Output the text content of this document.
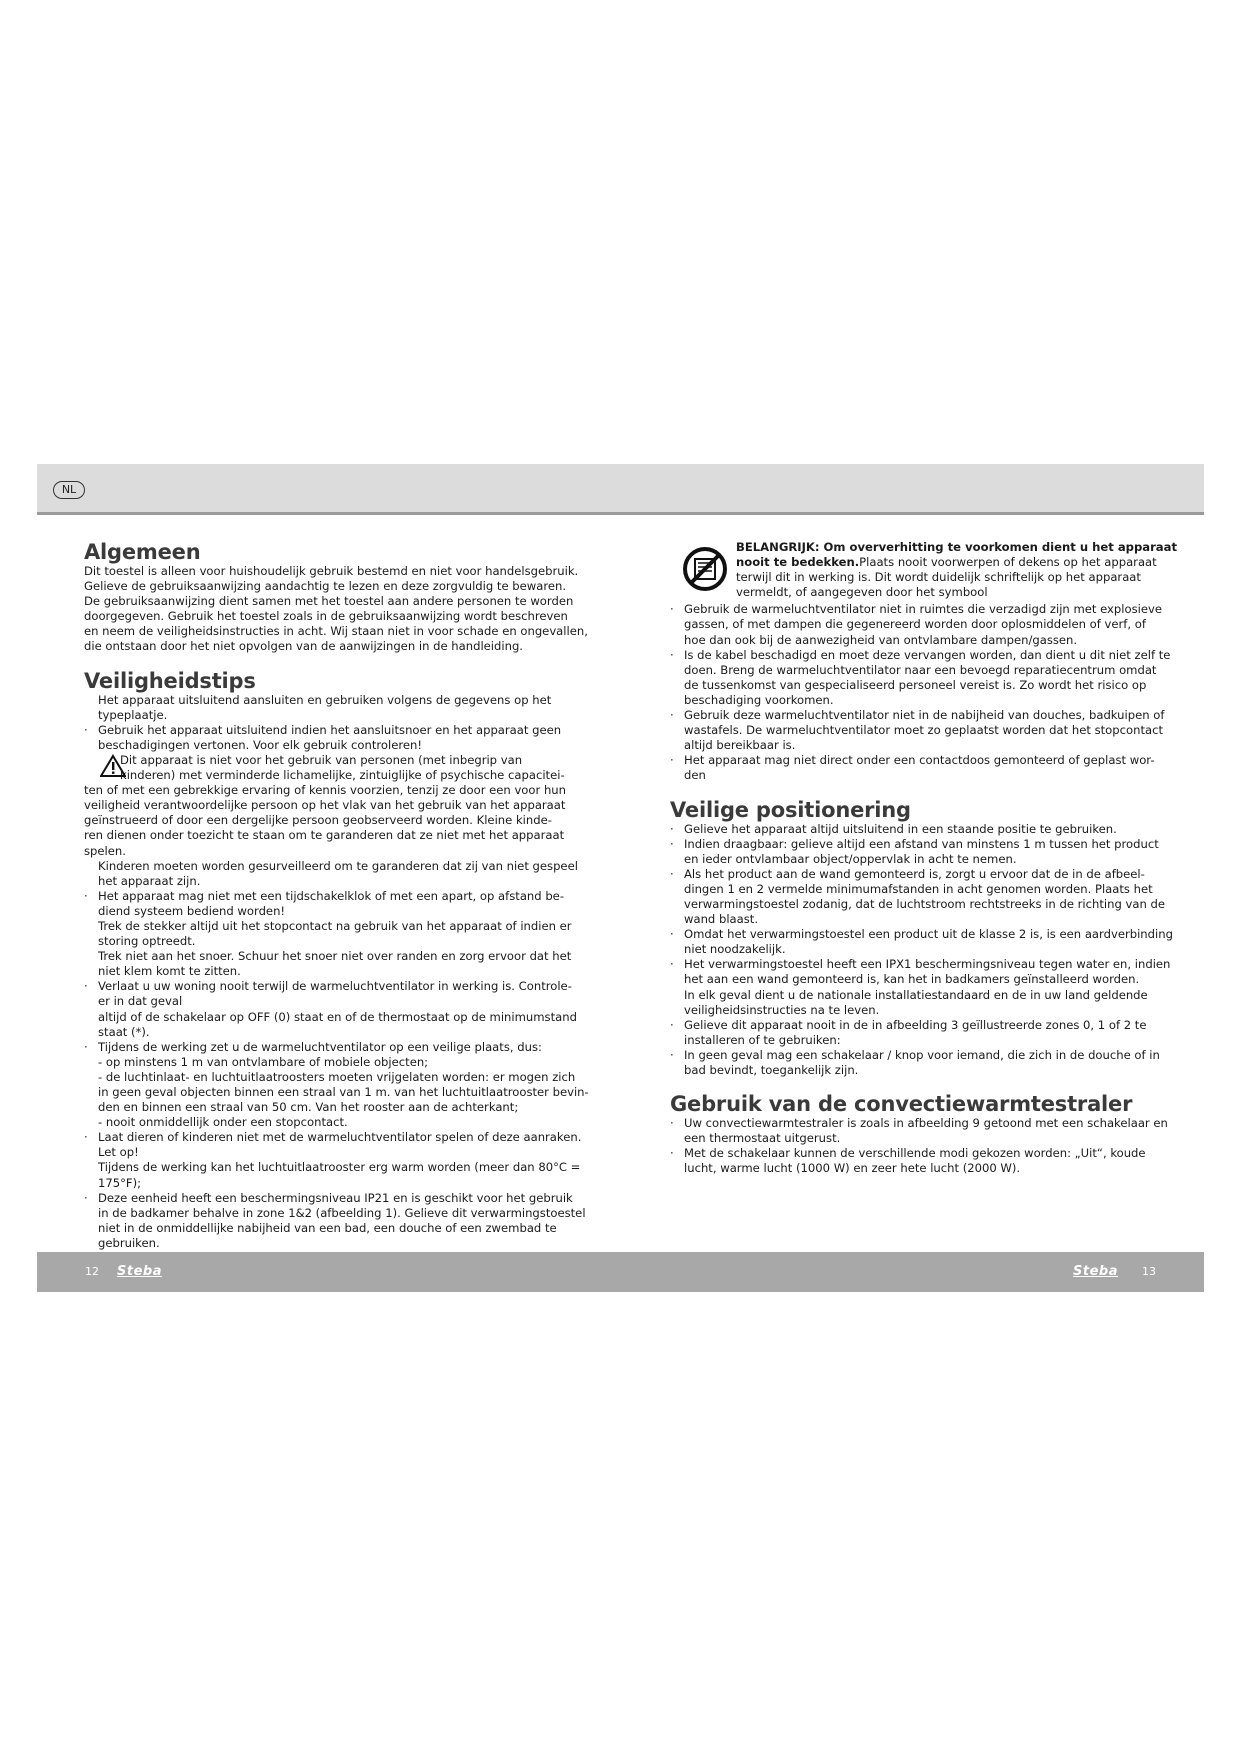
NL
Algemeen
Dit toestel is alleen voor huishoudelijk gebruik bestemd en niet voor handelsgebruik.
Gelieve de gebruiksaanwijzing aandachtig te lezen en deze zorgvuldig te bewaren.
De gebruiksaanwijzing dient samen met het toestel aan andere personen te worden
doorgegeven. Gebruik het toestel zoals in de gebruiksaanwijzing wordt beschreven
en neem de veiligheidsinstructies in acht. Wij staan niet in voor schade en ongevallen,
die ontstaan door het niet opvolgen van de aanwijzingen in de handleiding.
Veiligheidstips
Het apparaat uitsluitend aansluiten en gebruiken volgens de gegevens op het
typeplaatje.
· Gebruik het apparaat uitsluitend indien het aansluitsnoer en het apparaat geen
beschadigingen vertonen. Voor elk gebruik controleren!
Dit apparaat is niet voor het gebruik van personen (met inbegrip van
kinderen) met verminderde lichamelijke, zintuiglijke of psychische capacitei-
ten of met een gebrekkige ervaring of kennis voorzien, tenzij ze door een voor hun
veiligheid verantwoordelijke persoon op het vlak van het gebruik van het apparaat
geïnstrueerd of door een dergelijke persoon geobserveerd worden. Kleine kinde-
ren dienen onder toezicht te staan om te garanderen dat ze niet met het apparaat
spelen.
Kinderen moeten worden gesurveilleerd om te garanderen dat zij van niet gespeel
het apparaat zijn.
· Het apparaat mag niet met een tijdschakelklok of met een apart, op afstand be-
diend systeem bediend worden!
Trek de stekker altijd uit het stopcontact na gebruik van het apparaat of indien er
storing optreedt.
Trek niet aan het snoer. Schuur het snoer niet over randen en zorg ervoor dat het
niet klem komt te zitten.
· Verlaat u uw woning nooit terwijl de warmeluchtventilator in werking is. Controle-
er in dat geval
altijd of de schakelaar op OFF (0) staat en of de thermostaat op de minimumstand
staat (*).
· Tijdens de werking zet u de warmeluchtventilator op een veilige plaats, dus:
- op minstens 1 m van ontvlambare of mobiele objecten;
- de luchtinlaat- en luchtuitlaatroosters moeten vrijgelaten worden: er mogen zich
in geen geval objecten binnen een straal van 1 m. van het luchtuitlaatrooster bevin-
den en binnen een straal van 50 cm. Van het rooster aan de achterkant;
- nooit onmiddellijk onder een stopcontact.
· Laat dieren of kinderen niet met de warmeluchtventilator spelen of deze aanraken.
Let op!
Tijdens de werking kan het luchtuitlaatrooster erg warm worden (meer dan 80°C =
175°F);
· Deze eenheid heeft een beschermingsniveau IP21 en is geschikt voor het gebruik
in de badkamer behalve in zone 1&2 (afbeelding 1). Gelieve dit verwarmingstoestel
niet in de onmiddellijke nabijheid van een bad, een douche of een zwembad te
gebruiken.
BELANGRIJK: Om oververhitting te voorkomen dient u het apparaat nooit te bedekken.Plaats nooit voorwerpen of dekens op het apparaat terwijl dit in werking is. Dit wordt duidelijk schriftelijk op het apparaat vermeldt, of aangegeven door het symbool
· Gebruik de warmeluchtventilator niet in ruimtes die verzadigd zijn met explosieve
gassen, of met dampen die gegenereerd worden door oplosmiddelen of verf, of
hoe dan ook bij de aanwezigheid van ontvlambare dampen/gassen.
· Is de kabel beschadigd en moet deze vervangen worden, dan dient u dit niet zelf te
doen. Breng de warmeluchtventilator naar een bevoegd reparatiecentrum omdat
de tussenkomst van gespecialiseerd personeel vereist is. Zo wordt het risico op
beschadiging voorkomen.
· Gebruik deze warmeluchtventilator niet in de nabijheid van douches, badkuipen of
wastafels. De warmeluchtventilator moet zo geplaatst worden dat het stopcontact
altijd bereikbaar is.
· Het apparaat mag niet direct onder een contactdoos gemonteerd of geplast wor-
den
Veilige positionering
· Gelieve het apparaat altijd uitsluitend in een staande positie te gebruiken.
· Indien draagbaar: gelieve altijd een afstand van minstens 1 m tussen het product
en ieder ontvlambaar object/oppervlak in acht te nemen.
· Als het product aan de wand gemonteerd is, zorgt u ervoor dat de in de afbeel-
dingen 1 en 2 vermelde minimumafstanden in acht genomen worden. Plaats het
verwarmingstoestel zodanig, dat de luchtstroom rechtstreeks in de richting van de
wand blaast.
· Omdat het verwarmingstoestel een product uit de klasse 2 is, is een aardverbinding
niet noodzakelijk.
· Het verwarmingstoestel heeft een IPX1 beschermingsniveau tegen water en, indien
het aan een wand gemonteerd is, kan het in badkamers geïnstalleerd worden.
In elk geval dient u de nationale installatiestandaard en de in uw land geldende
veiligheidsinstructies na te leven.
· Gelieve dit apparaat nooit in de in afbeelding 3 geïllustreerde zones 0, 1 of 2 te
installeren of te gebruiken:
· In geen geval mag een schakelaar / knop voor iemand, die zich in de douche of in
bad bevindt, toegankelijk zijn.
Gebruik van de convectiewarmtestraler
· Uw convectiewarmtestraler is zoals in afbeelding 9 getoond met een schakelaar en
een thermostaat uitgerust.
· Met de schakelaar kunnen de verschillende modi gekozen worden: „Uit“, koude
lucht, warme lucht (1000 W) en zeer hete lucht (2000 W).
12 Steba	Steba 13
